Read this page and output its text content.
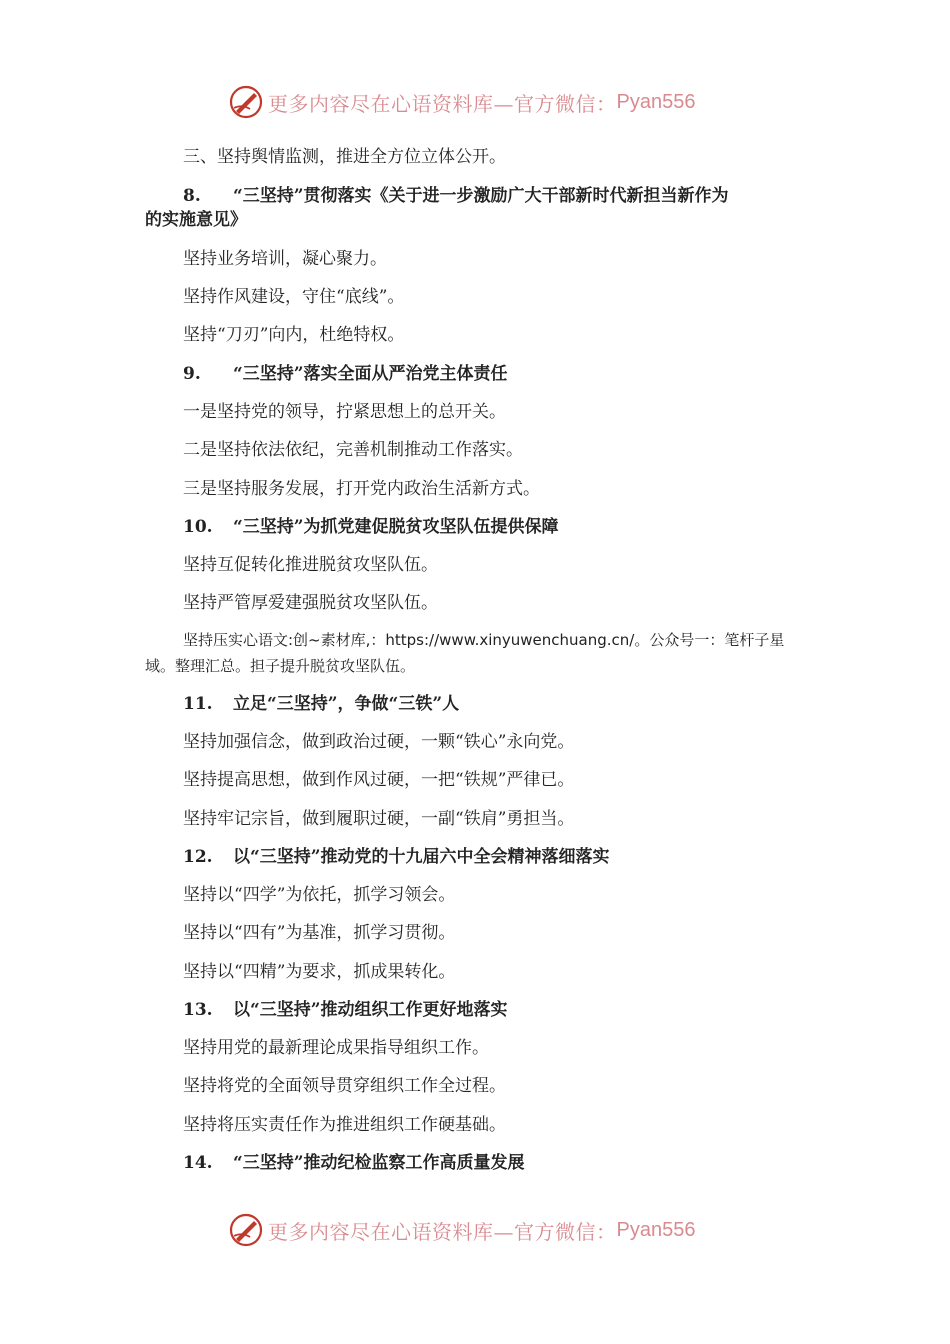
更多内容尽在心语资料库—官方微信： Pyan556
三、坚持舆情监测，推进全方位立体公开。
8. “三坚持”贯彻落实《关于进一步激励广大干部新时代新担当新作为
的实施意见》
坚持业务培训，凝心聚力。
坚持作风建设，守住“底线”。
坚持“刀刃”向内，杜绝特权。
9. “三坚持”落实全面从严治党主体责任
一是坚持党的领导，拧紧思想上的总开关。
二是坚持依法依纪，完善机制推动工作落实。
三是坚持服务发展，打开党内政治生活新方式。
10. “三坚持”为抓党建促脱贫攻坚队伍提供保障
坚持互促转化推进脱贫攻坚队伍。
坚持严管厚爱建强脱贫攻坚队伍。
坚持压实心语文:创~素材库,：https://www.xinyuwenchuang.cn/。公众号一：笔杆子星
域。整理汇总。担子提升脱贫攻坚队伍。
11. 立足“三坚持”，争做“三铁”人
坚持加强信念，做到政治过硬，一颗“铁心”永向党。
坚持提高思想，做到作风过硬，一把“铁规”严律已。
坚持牢记宗旨，做到履职过硬，一副“铁肩”勇担当。
12. 以“三坚持”推动党的十九届六中全会精神落细落实
坚持以“四学”为依托，抓学习领会。
坚持以“四有”为基准，抓学习贯彻。
坚持以“四精”为要求，抓成果转化。
13. 以“三坚持”推动组织工作更好地落实
坚持用党的最新理论成果指导组织工作。
坚持将党的全面领导贯穿组织工作全过程。
坚持将压实责任作为推进组织工作硬基础。
14. “三坚持”推动纪检监察工作高质量发展
更多内容尽在心语资料库—官方微信： Pyan556
